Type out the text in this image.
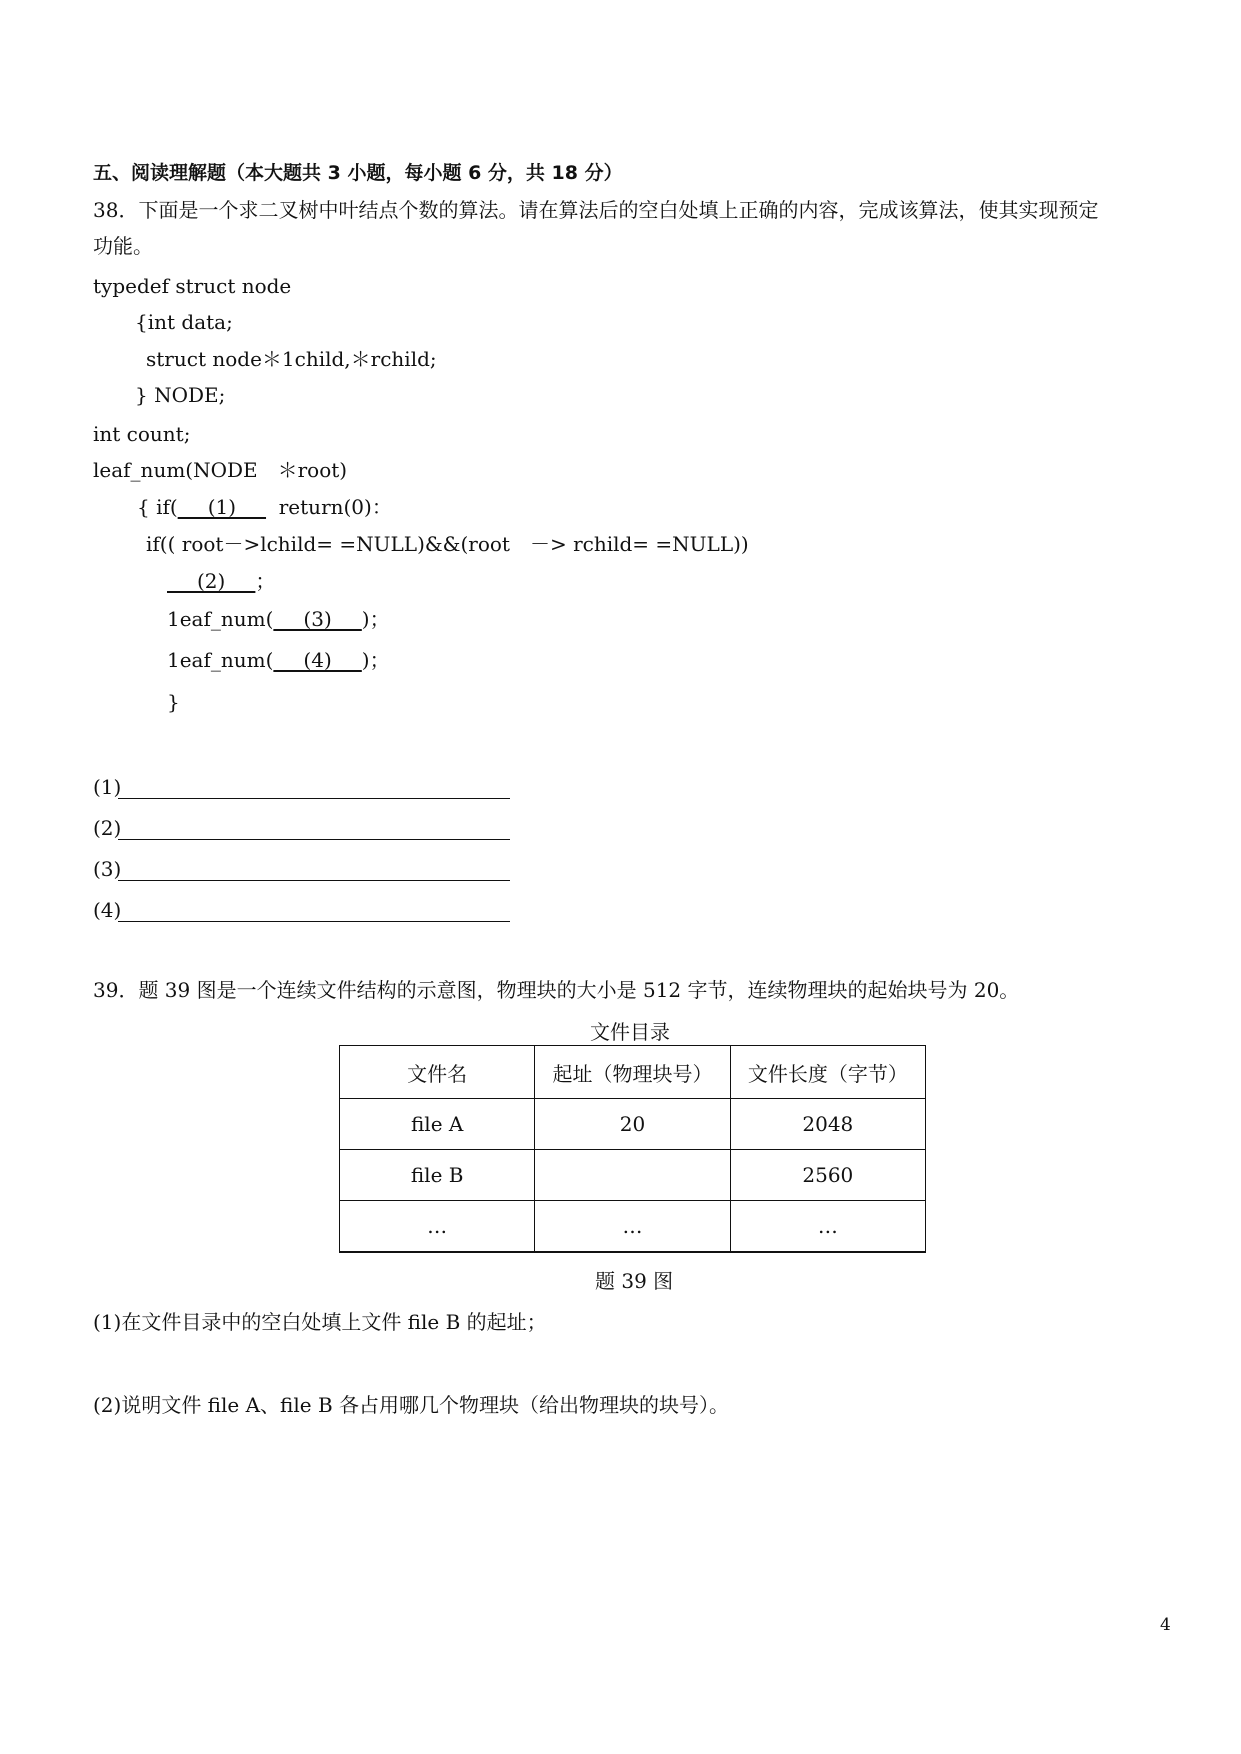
五、阅读理解题（本大题共 3 小题，每小题 6 分，共 18 分）
38．下面是一个求二叉树中叶结点个数的算法。请在算法后的空白处填上正确的内容，完成该算法，使其实现预定
功能。
typedef struct node
{int data;
struct node＊1child,＊rchild;
} NODE;
int count;
leaf_num(NODE　＊root)
{ if(___(1)___ return(0)：
if(( root－>lchild= =NULL)&&(root　－> rchild= =NULL))
___(2)___；
1eaf_num(___(3)___)；
1eaf_num(___(4)___)；
}
(1)
(2)
(3)
(4)
39．题 39 图是一个连续文件结构的示意图，物理块的大小是 512 字节，连续物理块的起始块号为 20。
文件目录
文件名	起址（物理块号）	文件长度（字节）
file A	20	2048
file B		2560
…	…	…
题 39 图
(1)在文件目录中的空白处填上文件 file B 的起址；
(2)说明文件 file A、file B 各占用哪几个物理块（给出物理块的块号）。
4
